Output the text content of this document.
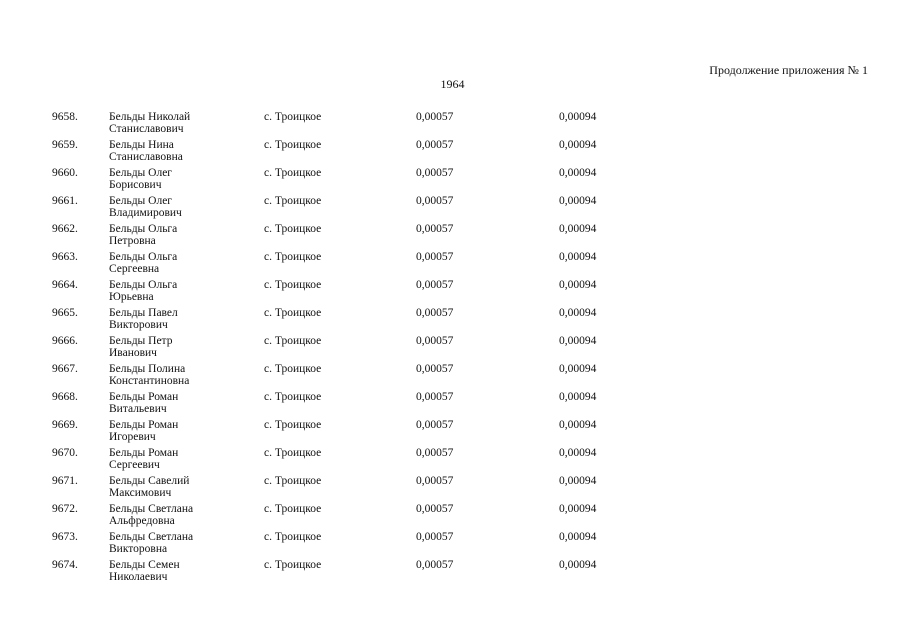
Продолжение приложения № 1
1964
9658.	Бельды Николай
Станиславович
с. Троицкое	0,00057	0,00094
9659.	Бельды Нина
Станиславовна
с. Троицкое	0,00057	0,00094
9660.	Бельды Олег
Борисович
с. Троицкое	0,00057	0,00094
9661.	Бельды Олег
Владимирович
с. Троицкое	0,00057	0,00094
9662.	Бельды Ольга
Петровна
с. Троицкое	0,00057	0,00094
9663.	Бельды Ольга
Сергеевна
с. Троицкое	0,00057	0,00094
9664.	Бельды Ольга
Юрьевна
с. Троицкое	0,00057	0,00094
9665.	Бельды Павел
Викторович
с. Троицкое	0,00057	0,00094
9666.	Бельды Петр
Иванович
с. Троицкое	0,00057	0,00094
9667.	Бельды Полина
Константиновна
с. Троицкое	0,00057	0,00094
9668.	Бельды Роман
Витальевич
с. Троицкое	0,00057	0,00094
9669.	Бельды Роман
Игоревич
с. Троицкое	0,00057	0,00094
9670.	Бельды Роман
Сергеевич
с. Троицкое	0,00057	0,00094
9671.	Бельды Савелий
Максимович
с. Троицкое	0,00057	0,00094
9672.	Бельды Светлана
Альфредовна
с. Троицкое	0,00057	0,00094
9673.	Бельды Светлана
Викторовна
с. Троицкое	0,00057	0,00094
9674.	Бельды Семен
Николаевич
с. Троицкое	0,00057	0,00094
